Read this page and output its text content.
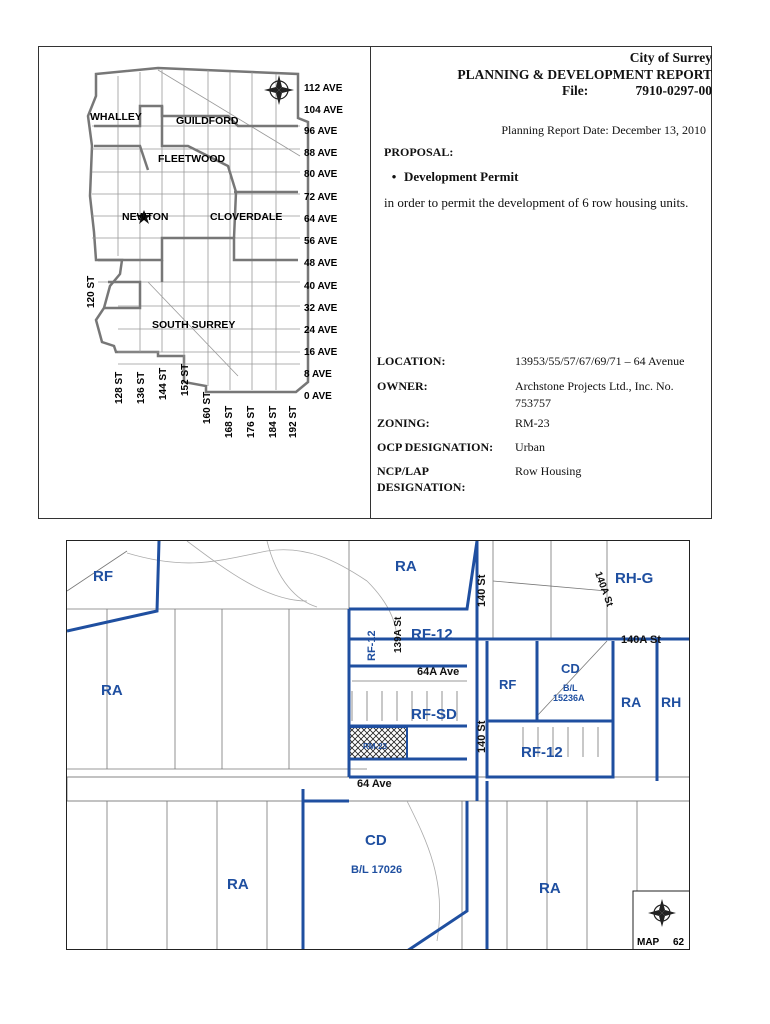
WHALLEY	GUILDFORD
FLEETWOOD
NEWTON	CLOVERDALE
SOUTH SURREY
112 AVE
104 AVE
96 AVE
88 AVE
80 AVE
72 AVE
64 AVE
56 AVE
48 AVE
40 AVE
32 AVE
24 AVE
16 AVE
8 AVE
0 AVE
120 ST
128 ST 136 ST 144 ST 152 ST
160 ST 168 ST 176 ST 184 ST 192 ST
City of Surrey
PLANNING & DEVELOPMENT REPORT
File:	7910-0297-00
Planning Report Date: December 13, 2010
PROPOSAL:
• Development Permit
in order to permit the development of 6 row housing units.
LOCATION:	13953/55/57/67/69/71 – 64 Avenue
OWNER:	Archstone Projects Ltd., Inc. No. 753757
ZONING:	RM-23
OCP DESIGNATION: Urban
NCP/LAP
DESIGNATION:
Row Housing
RF
RA
RH-G
RF-12 RF-12
RA	RF
CD
B/L
15236A	RA RH
RF-SD
RM-23	RF-12
CD
B/L 17026
RA	RA
140 St
140 St
139A St
140A St
140A St
64A Ave
64 Ave
MAP 62
